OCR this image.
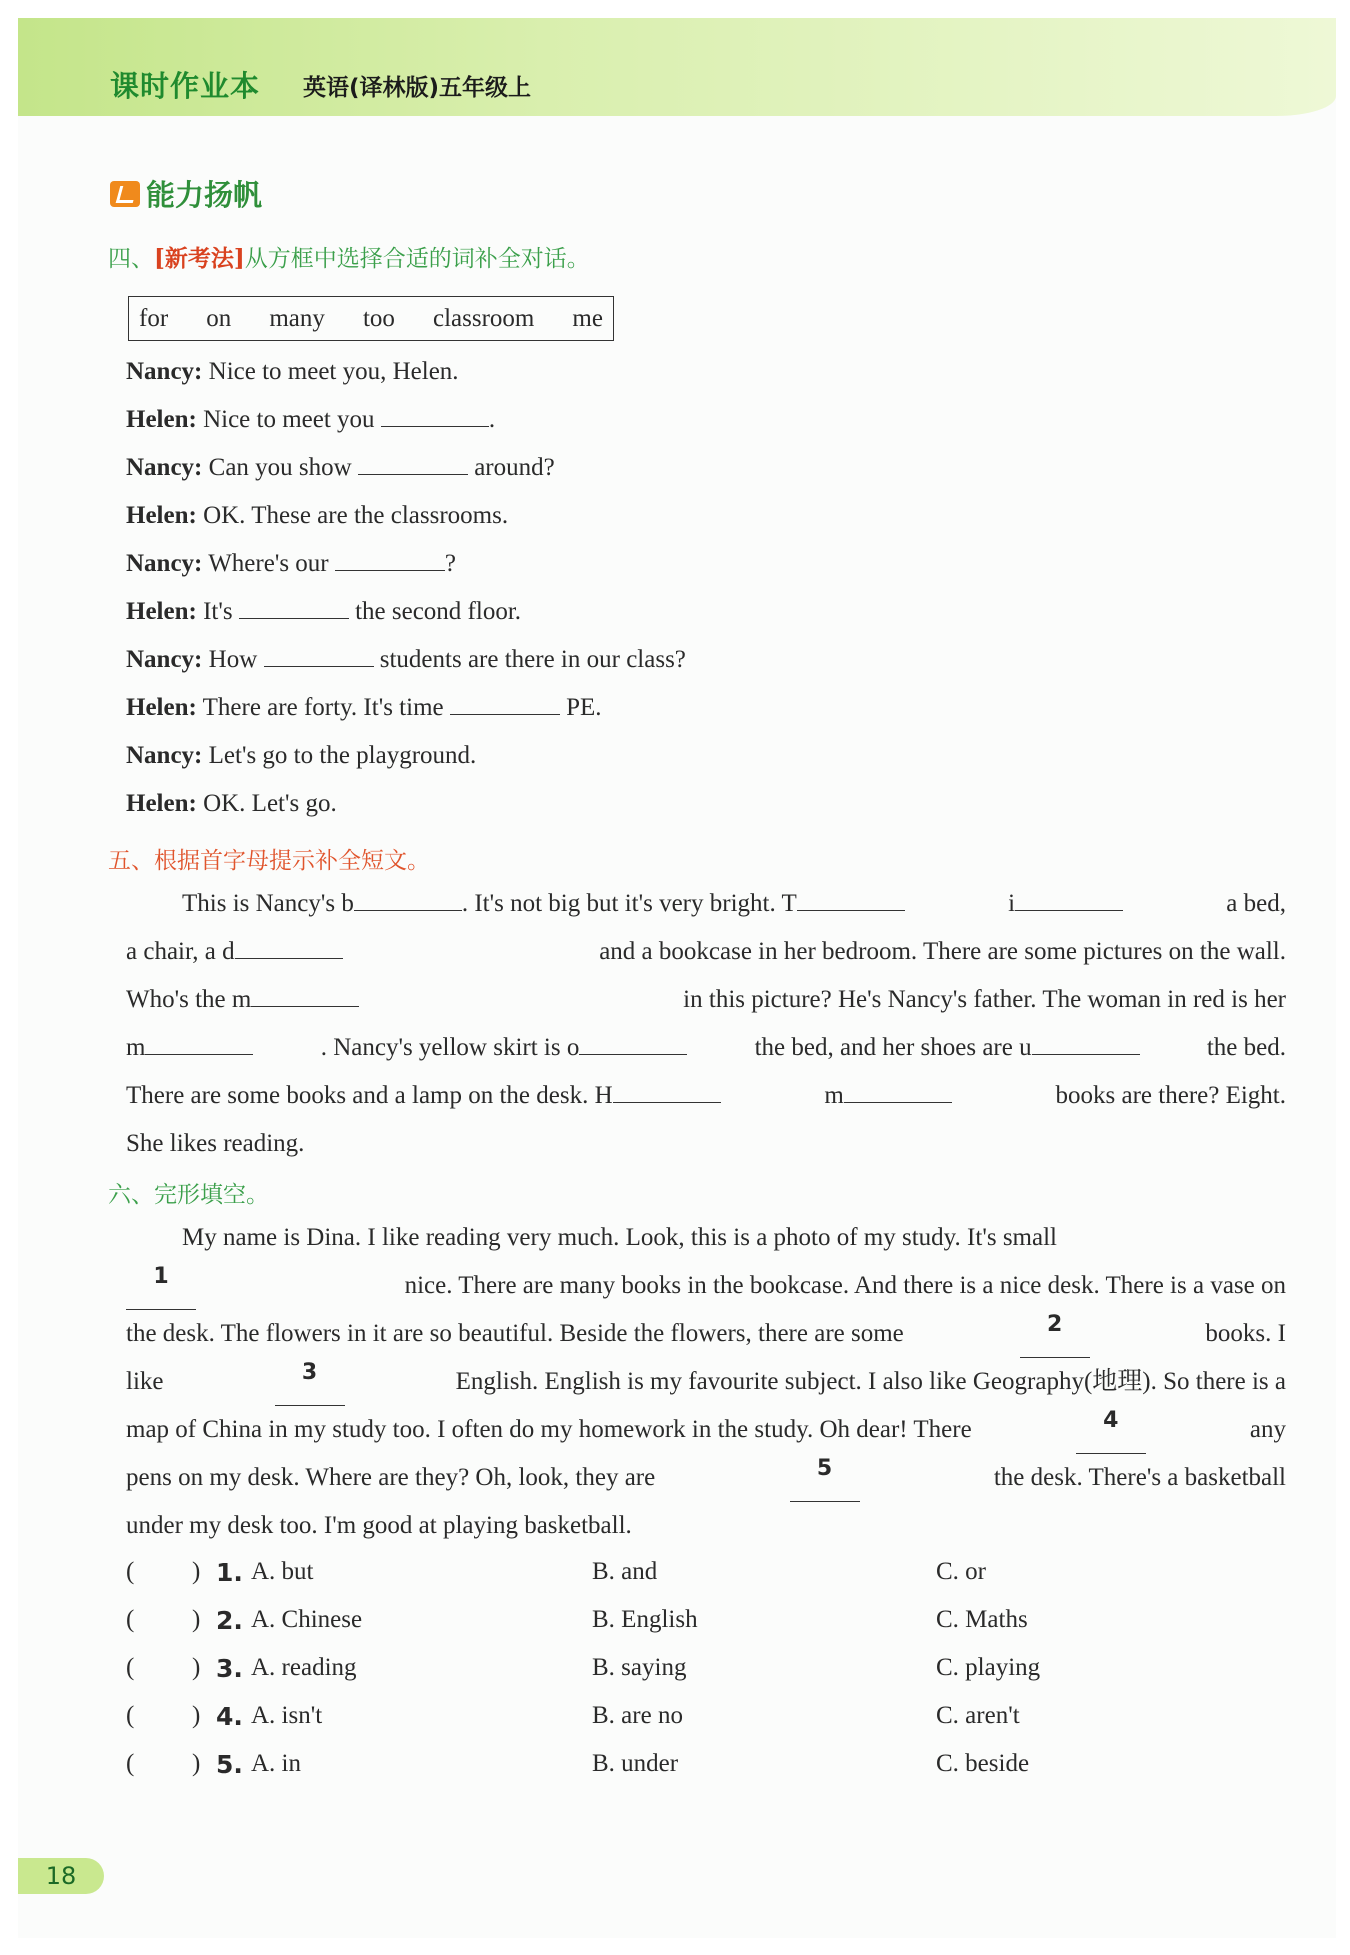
课时作业本 英语(译林版)五年级上
能力扬帆
四、[新考法]从方框中选择合适的词补全对话。
for on many too classroom me
Nancy: Nice to meet you, Helen.
Helen: Nice to meet you	.
Nancy: Can you show	around?
Helen: OK. These are the classrooms.
Nancy: Where's our	?
Helen: It's	the second floor.
Nancy: How	students are there in our class?
Helen: There are forty. It's time	PE.
Nancy: Let's go to the playground.
Helen: OK. Let's go.
五、根据首字母提示补全短文。
This is Nancy's b	. It's not big but it's very bright. T	i	a bed,
a chair, a d	and a bookcase in her bedroom. There are some pictures on the wall.
Who's the m	in this picture? He's Nancy's father. The woman in red is her
m	. Nancy's yellow skirt is o	the bed, and her shoes are u	the bed.
There are some books and a lamp on the desk. H	m	books are there? Eight.
She likes reading.
六、完形填空。
My name is Dina. I like reading very much. Look, this is a photo of my study. It's small
1	nice. There are many books in the bookcase. And there is a nice desk. There is a vase on
the desk. The flowers in it are so beautiful. Beside the flowers, there are some	2	books. I
like	3	English. English is my favourite subject. I also like Geography(地理). So there is a
map of China in my study too. I often do my homework in the study. Oh dear! There	4	any
pens on my desk. Where are they? Oh, look, they are	5	the desk. There's a basketball
under my desk too. I'm good at playing basketball.
( ) 1. A. but	B. and	C. or
( ) 2. A. Chinese	B. English	C. Maths
( ) 3. A. reading	B. saying	C. playing
( ) 4. A. isn't	B. are no	C. aren't
( ) 5. A. in	B. under	C. beside
18
